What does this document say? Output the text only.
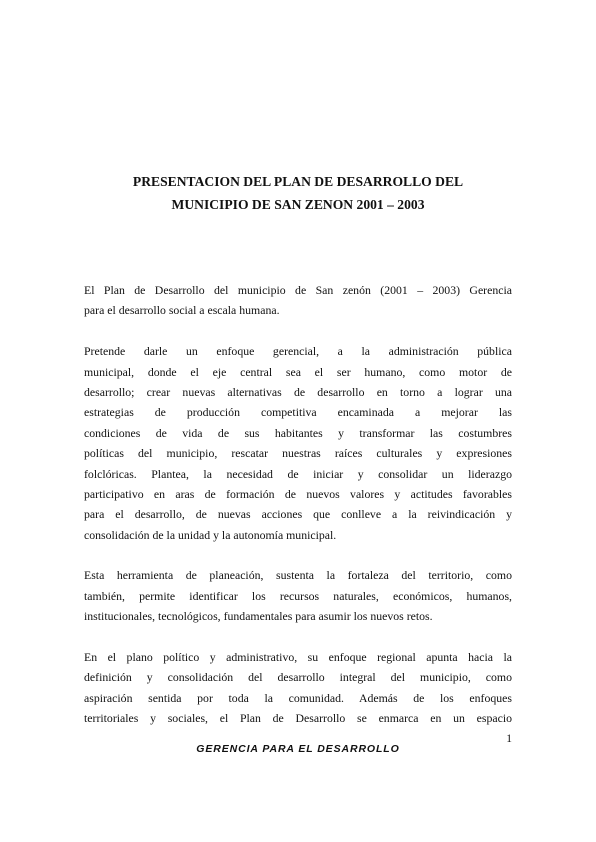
PRESENTACION DEL PLAN DE DESARROLLO DEL
MUNICIPIO DE SAN ZENON 2001 – 2003

El Plan de Desarrollo del municipio de San zenón (2001 – 2003) Gerencia
para el desarrollo social a escala humana.

Pretende darle un enfoque gerencial, a la administración pública
municipal, donde el eje central sea el ser humano, como motor de
desarrollo; crear nuevas alternativas de desarrollo en torno a lograr una
estrategias de producción competitiva encaminada a mejorar las
condiciones de vida de sus habitantes y transformar las costumbres
políticas del municipio, rescatar nuestras raíces culturales y expresiones
folclóricas. Plantea, la necesidad de iniciar y consolidar un liderazgo
participativo en aras de formación de nuevos valores y actitudes favorables
para el desarrollo, de nuevas acciones que conlleve a la reivindicación y
consolidación de la unidad y la autonomía municipal.

Esta herramienta de planeación, sustenta la fortaleza del territorio, como
también, permite identificar los recursos naturales, económicos, humanos,
institucionales, tecnológicos, fundamentales para asumir los nuevos retos.

En el plano político y administrativo, su enfoque regional apunta hacia la
definición y consolidación del desarrollo integral del municipio, como
aspiración sentida por toda la comunidad. Además de los enfoques
territoriales y sociales, el Plan de Desarrollo se enmarca en un espacio

1
GERENCIA PARA EL DESARROLLO
